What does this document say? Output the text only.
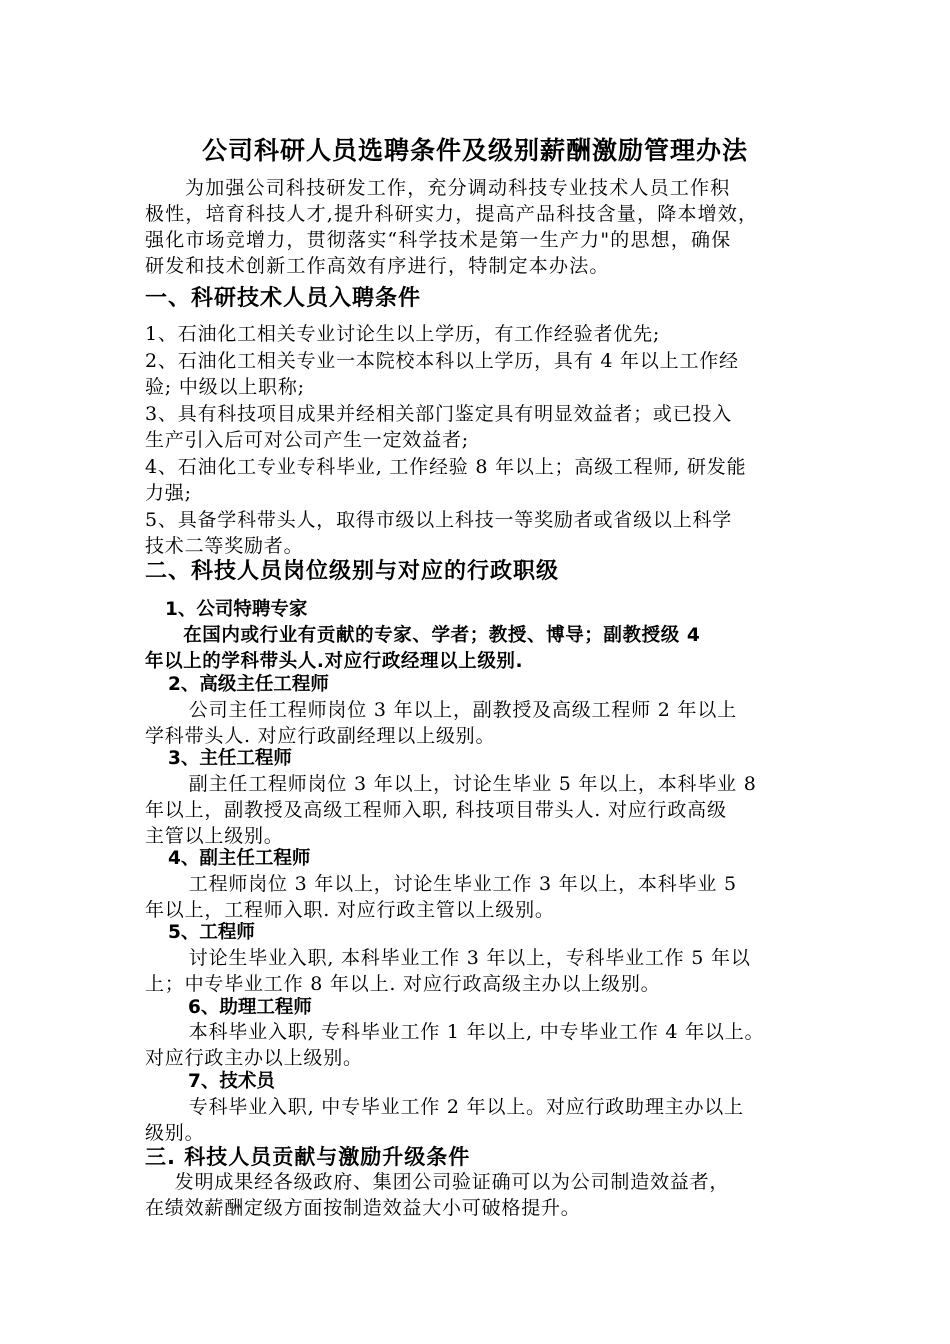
公司科研人员选聘条件及级别薪酬激励管理办法
为加强公司科技研发工作，充分调动科技专业技术人员工作积
极性，培育科技人才,提升科研实力，提高产品科技含量，降本增效，
强化市场竞增力，贯彻落实“科学技术是第一生产力"的思想，确保
研发和技术创新工作高效有序进行，特制定本办法。
一、科研技术人员入聘条件
1、石油化工相关专业讨论生以上学历，有工作经验者优先;
2、石油化工相关专业一本院校本科以上学历，具有 4 年以上工作经
验; 中级以上职称;
3、具有科技项目成果并经相关部门鉴定具有明显效益者；或已投入
生产引入后可对公司产生一定效益者;
4、石油化工专业专科毕业, 工作经验 8 年以上；高级工程师, 研发能
力强;
5、具备学科带头人，取得市级以上科技一等奖励者或省级以上科学
技术二等奖励者。
二、科技人员岗位级别与对应的行政职级
1、公司特聘专家
　　在国内或行业有贡献的专家、学者；教授、博导；副教授级 4
年以上的学科带头人.对应行政经理以上级别.
2、高级主任工程师
　公司主任工程师岗位 3 年以上，副教授及高级工程师 2 年以上
学科带头人. 对应行政副经理以上级别。
3、主任工程师
　副主任工程师岗位 3 年以上，讨论生毕业 5 年以上，本科毕业 8
年以上，副教授及高级工程师入职, 科技项目带头人. 对应行政高级
主管以上级别。
4、副主任工程师
　工程师岗位 3 年以上，讨论生毕业工作 3 年以上，本科毕业 5
年以上，工程师入职. 对应行政主管以上级别。
5、工程师
　讨论生毕业入职, 本科毕业工作 3 年以上，专科毕业工作 5 年以
上；中专毕业工作 8 年以上. 对应行政高级主办以上级别。
6、助理工程师
　本科毕业入职, 专科毕业工作 1 年以上, 中专毕业工作 4 年以上。
对应行政主办以上级别。
7、技术员
　专科毕业入职, 中专毕业工作 2 年以上。对应行政助理主办以上
级别。
三. 科技人员贡献与激励升级条件
　发明成果经各级政府、集团公司验证确可以为公司制造效益者，
在绩效薪酬定级方面按制造效益大小可破格提升。
